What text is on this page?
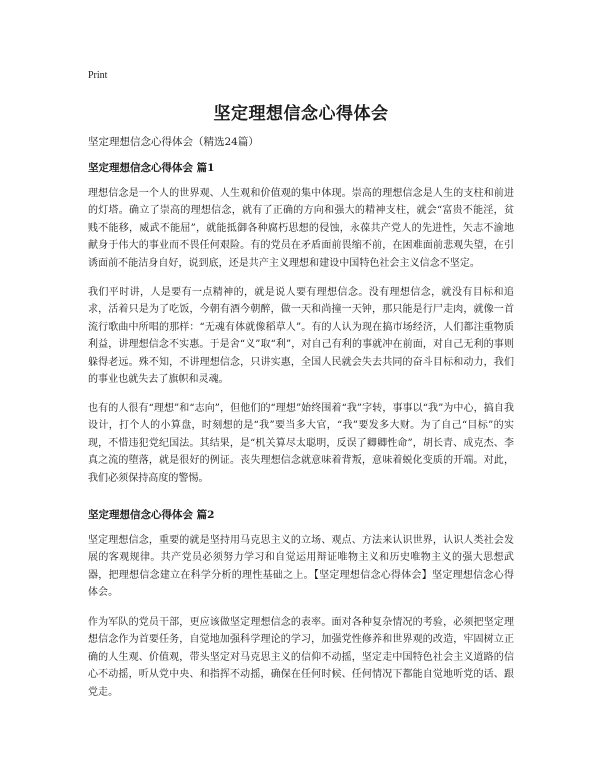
Print
坚定理想信念心得体会

坚定理想信念心得体会（精选24篇）

坚定理想信念心得体会 篇1

理想信念是一个人的世界观、人生观和价值观的集中体现。崇高的理想信念是人生的支柱和前进的灯塔。确立了崇高的理想信念，就有了正确的方向和强大的精神支柱，就会“富贵不能淫，贫贱不能移，威武不能屈”，就能抵御各种腐朽思想的侵蚀，永葆共产党人的先进性，矢志不渝地献身于伟大的事业而不畏任何艰险。有的党员在矛盾面前畏缩不前，在困难面前悲观失望，在引诱面前不能洁身自好，说到底，还是共产主义理想和建设中国特色社会主义信念不坚定。

我们平时讲，人是要有一点精神的，就是说人要有理想信念。没有理想信念，就没有目标和追求，活着只是为了吃饭，今朝有酒今朝醉，做一天和尚撞一天钟，那只能是行尸走肉，就像一首流行歌曲中所唱的那样：“无魂有体就像稻草人”。有的人认为现在搞市场经济，人们都注重物质利益，讲理想信念不实惠。于是舍“义”取“利”，对自己有利的事就冲在前面，对自己无利的事则躲得老远。殊不知，不讲理想信念，只讲实惠，全国人民就会失去共同的奋斗目标和动力，我们的事业也就失去了旗帜和灵魂。

也有的人很有“理想”和“志向”，但他们的“理想”始终围着“我”字转，事事以“我”为中心，搞自我设计，打个人的小算盘，时刻想的是“我”要当多大官，“我”要发多大财。为了自己“目标”的实现，不惜违犯党纪国法。其结果，是“机关算尽太聪明，反误了卿卿性命”，胡长青、成克杰、李真之流的堕落，就是很好的例证。丧失理想信念就意味着背叛，意味着蜕化变质的开端。对此，我们必须保持高度的警惕。

坚定理想信念心得体会 篇2

坚定理想信念，重要的就是坚持用马克思主义的立场、观点、方法来认识世界，认识人类社会发展的客观规律。共产党员必须努力学习和自觉运用辩证唯物主义和历史唯物主义的强大思想武器，把理想信念建立在科学分析的理性基础之上。【坚定理想信念心得体会】坚定理想信念心得体会。

作为军队的党员干部，更应该做坚定理想信念的表率。面对各种复杂情况的考验，必须把坚定理想信念作为首要任务，自觉地加强科学理论的学习，加强党性修养和世界观的改造，牢固树立正确的人生观、价值观，带头坚定对马克思主义的信仰不动摇，坚定走中国特色社会主义道路的信心不动摇，听从党中央、和指挥不动摇，确保在任何时候、任何情况下都能自觉地听党的话、跟党走。
